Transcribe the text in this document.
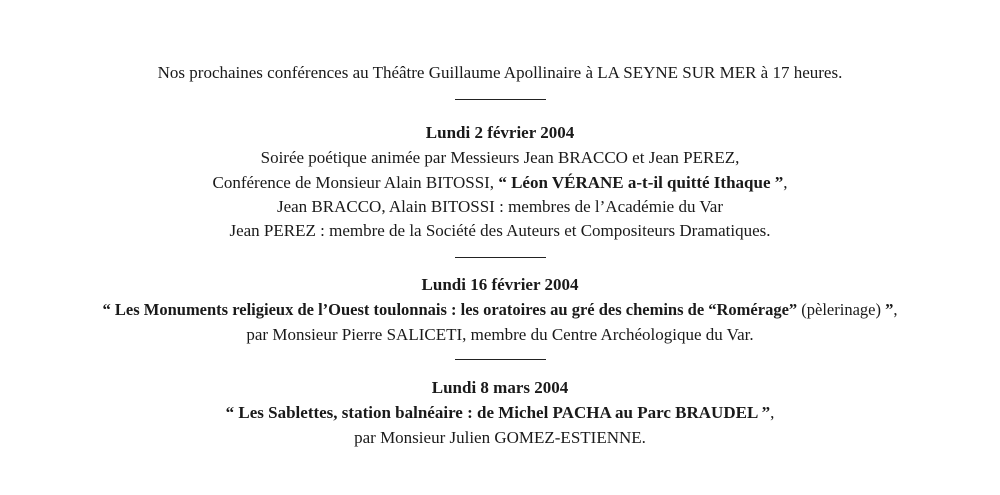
Nos prochaines conférences au Théâtre Guillaume Apollinaire à LA SEYNE SUR MER à 17 heures.
Lundi 2 février 2004
Soirée poétique animée par Messieurs Jean BRACCO et Jean PEREZ,
Conférence de Monsieur Alain BITOSSI, “ Léon VÉRANE a-t-il quitté Ithaque ”,
Jean BRACCO, Alain BITOSSI : membres de l’Académie du Var
Jean PEREZ : membre de la Société des Auteurs et Compositeurs Dramatiques.
Lundi 16 février 2004
“ Les Monuments religieux de l’Ouest toulonnais : les oratoires au gré des chemins de “Romérage” (pèlerinage) ”,
par Monsieur Pierre SALICETI, membre du Centre Archéologique du Var.
Lundi 8 mars 2004
“ Les Sablettes, station balnéaire : de Michel PACHA au Parc BRAUDEL ”,
par Monsieur Julien GOMEZ-ESTIENNE.
